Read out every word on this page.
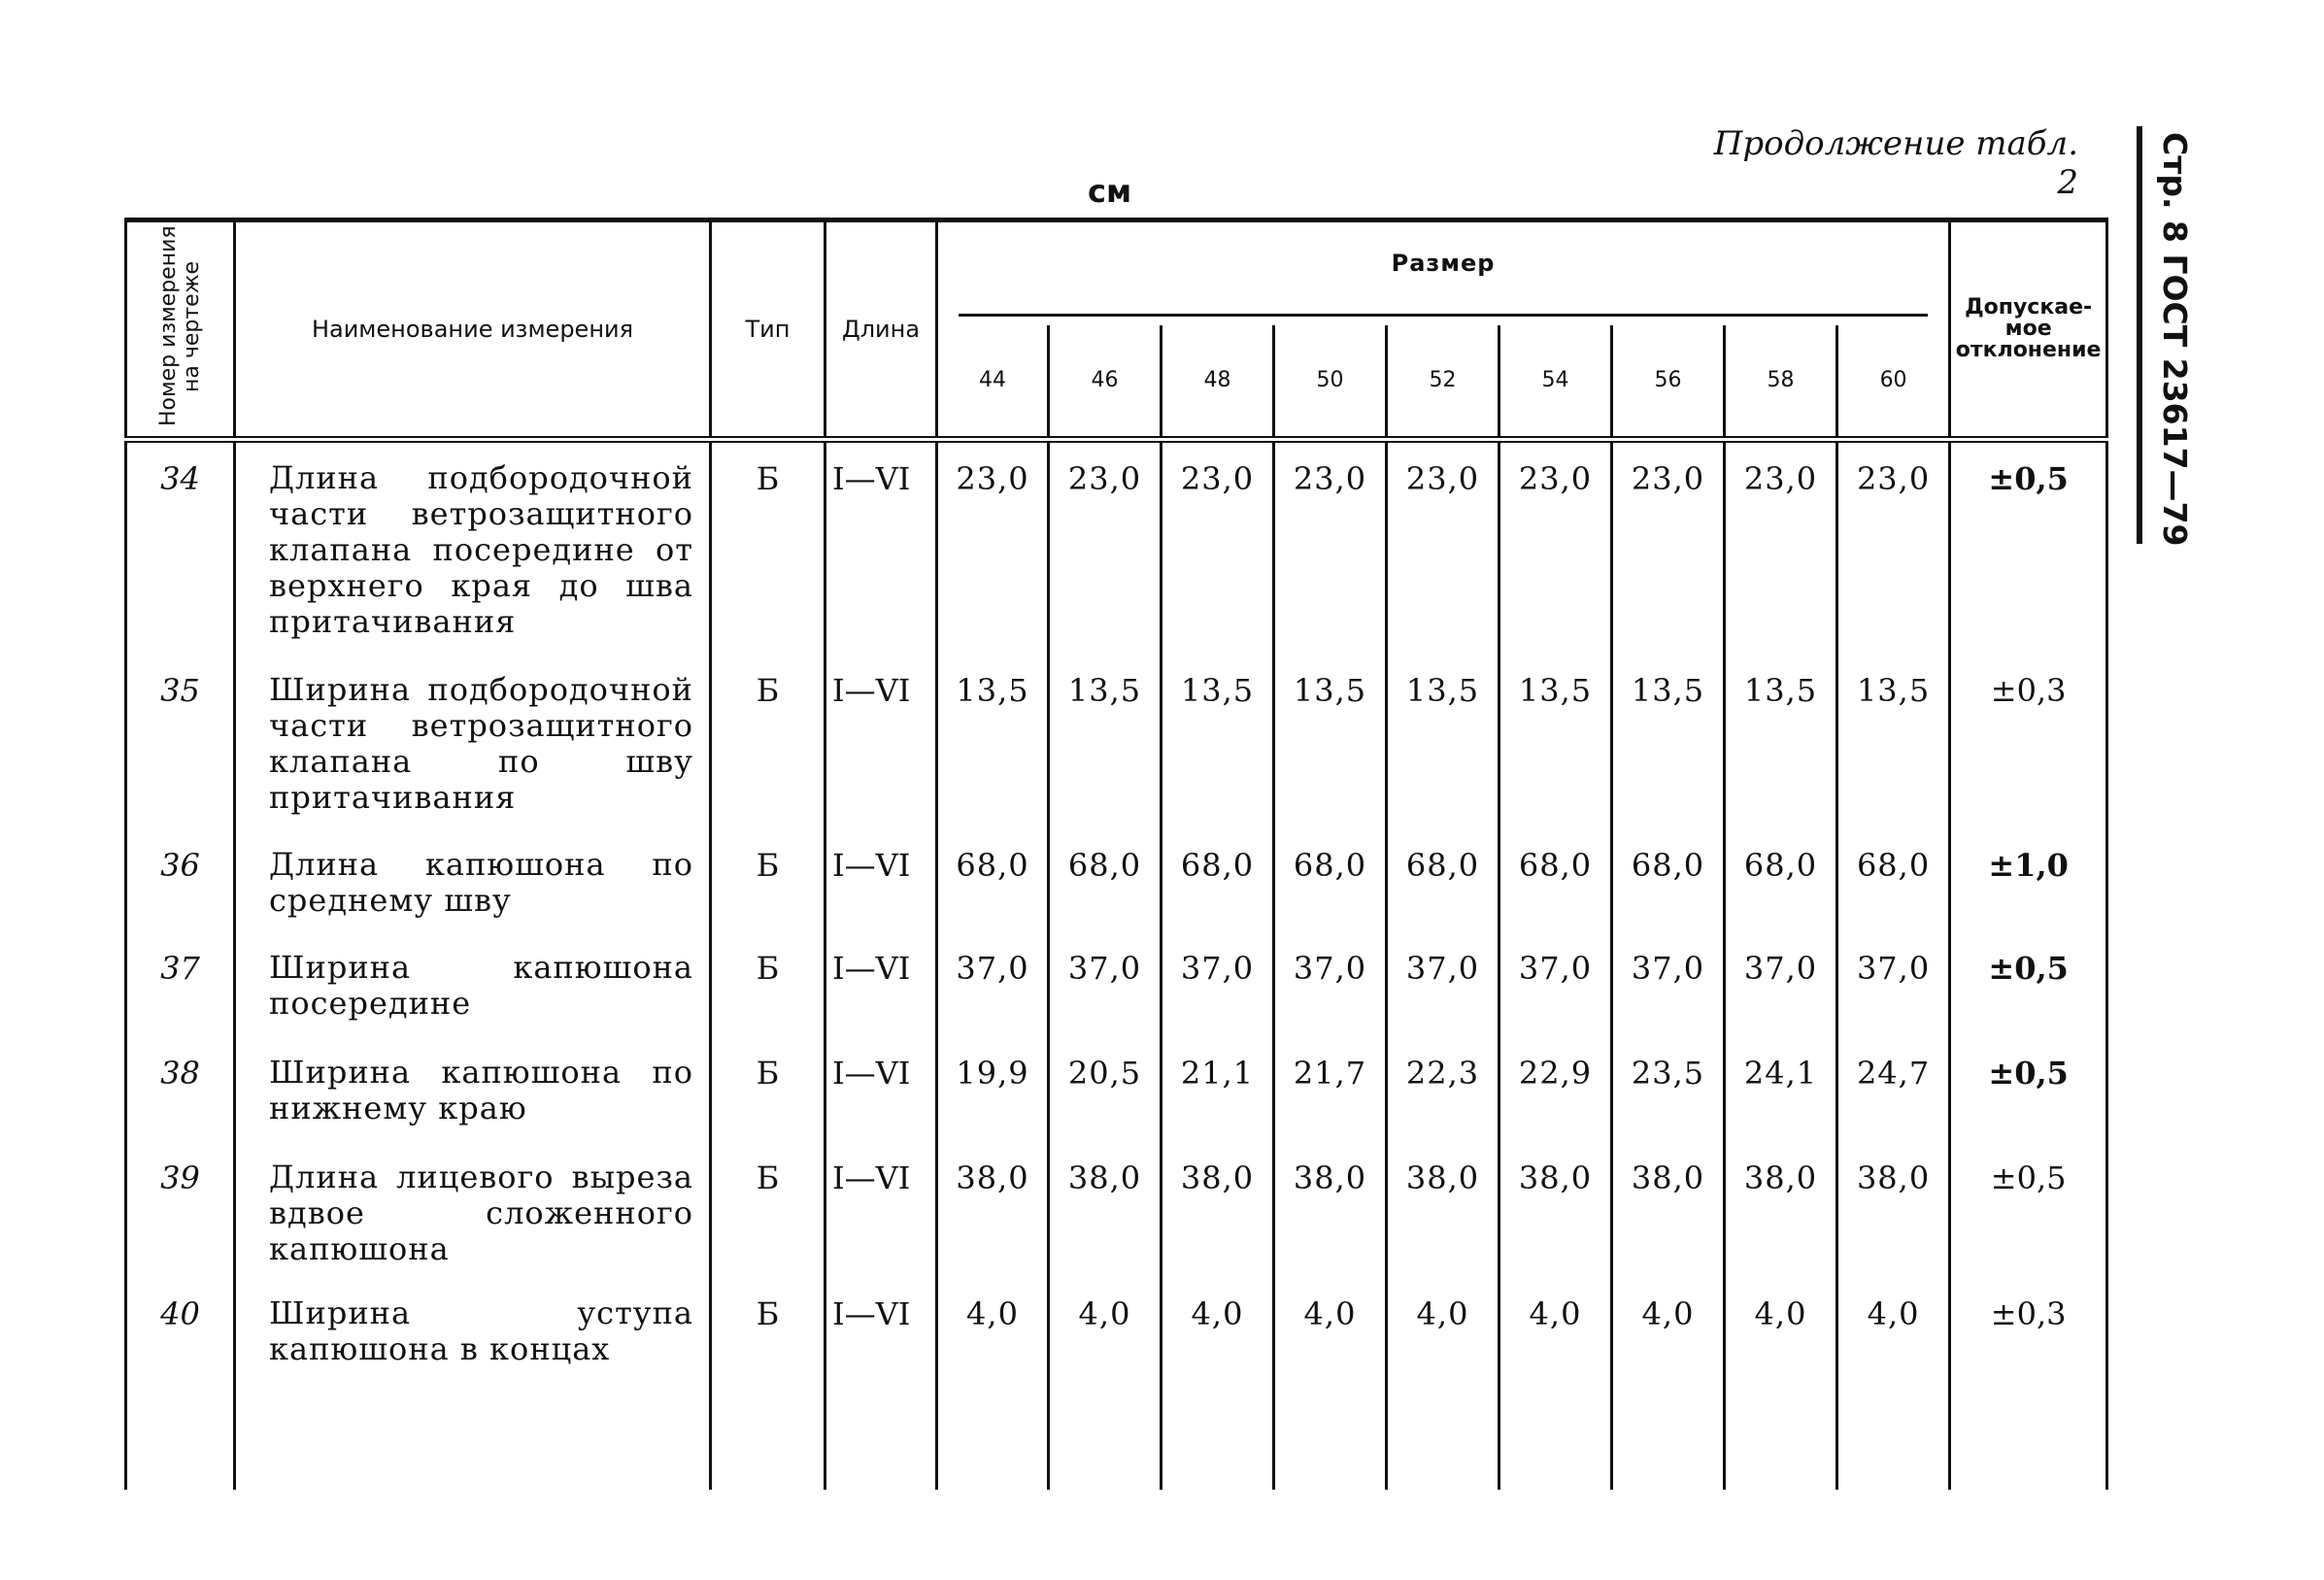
Продолжение табл. 2
см	Стр. 8 ГОСТ 23617—79
Номер измерения на чертеже	Наименование измерения	Тип	Длина	Размер									Допускае-мое отклонение
				44	46	48	50	52	54	56	58	60	
34	Длина подбородочной части ветрозащитного клапана посередине от верхнего края до шва притачивания	Б	I—VI	23,0	23,0	23,0	23,0	23,0	23,0	23,0	23,0	23,0	±0,5
35	Ширина подбородочной части ветрозащитного клапана по шву притачивания	Б	I—VI	13,5	13,5	13,5	13,5	13,5	13,5	13,5	13,5	13,5	±0,3
36	Длина капюшона по среднему шву	Б	I—VI	68,0	68,0	68,0	68,0	68,0	68,0	68,0	68,0	68,0	±1,0
37	Ширина капюшона посередине	Б	I—VI	37,0	37,0	37,0	37,0	37,0	37,0	37,0	37,0	37,0	±0,5
38	Ширина капюшона по нижнему краю	Б	I—VI	19,9	20,5	21,1	21,7	22,3	22,9	23,5	24,1	24,7	±0,5
39	Длина лицевого выреза вдвое сложенного капюшона	Б	I—VI	38,0	38,0	38,0	38,0	38,0	38,0	38,0	38,0	38,0	±0,5
40	Ширина уступа капюшона в концах	Б	I—VI	4,0	4,0	4,0	4,0	4,0	4,0	4,0	4,0	4,0	±0,3
